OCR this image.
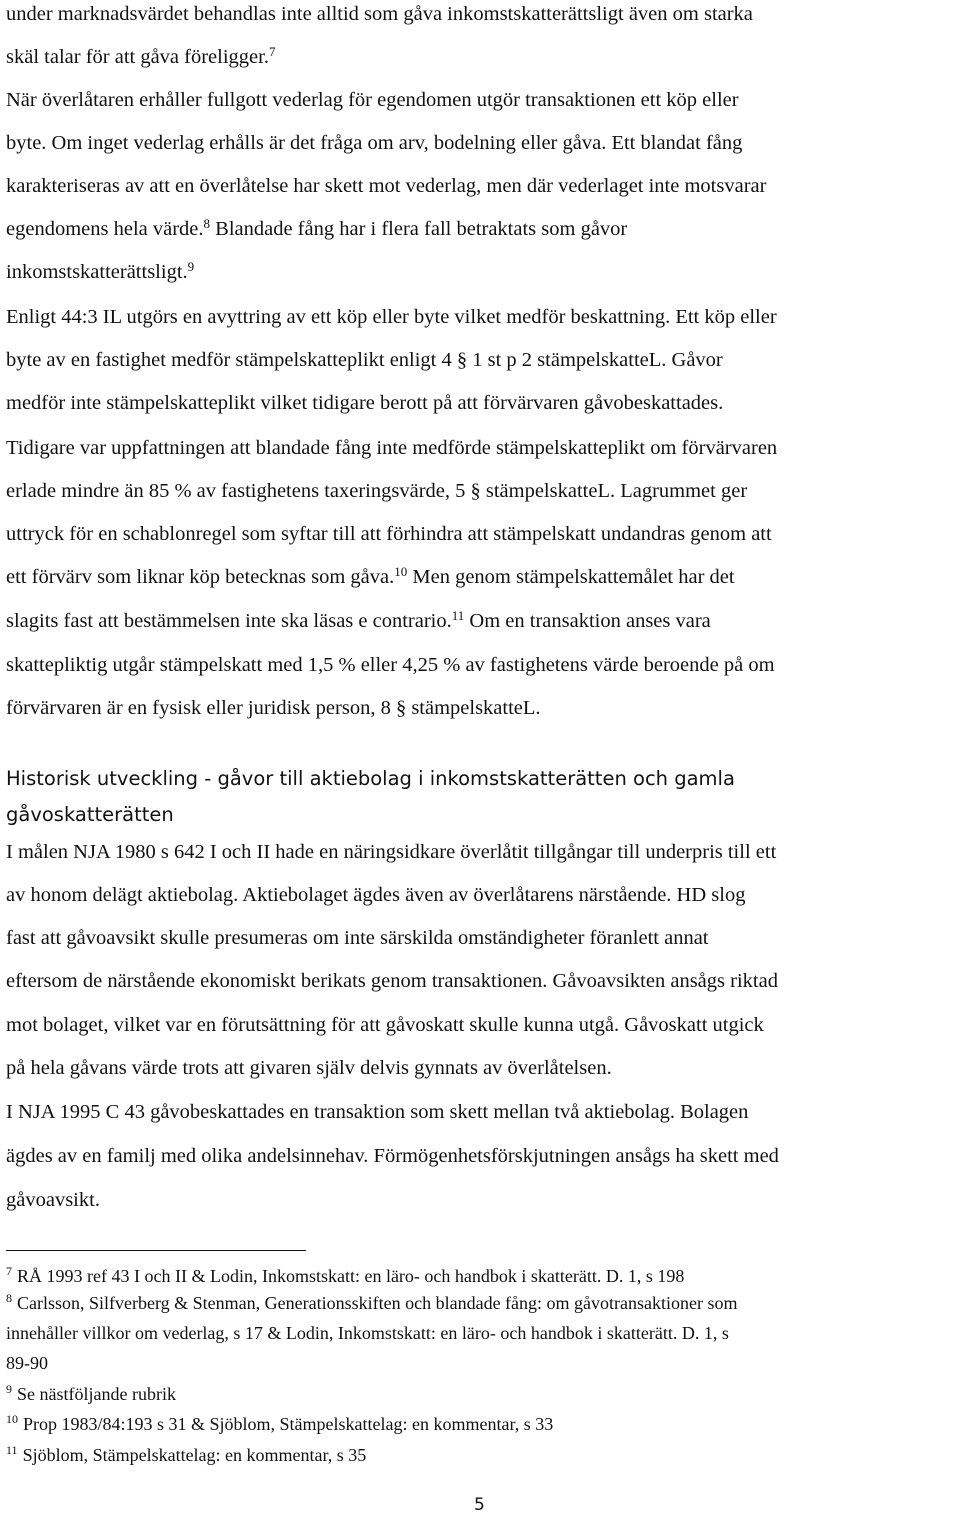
under marknadsvärdet behandlas inte alltid som gåva inkomstskatterättsligt även om starka
skäl talar för att gåva föreligger.$^7$
När överlåtaren erhåller fullgott vederlag för egendomen utgör transaktionen ett köp eller
byte. Om inget vederlag erhålls är det fråga om arv, bodelning eller gåva. Ett blandat fång
karakteriseras av att en överlåtelse har skett mot vederlag, men där vederlaget inte motsvarar
egendomens hela värde.$^8$ Blandade fång har i flera fall betraktats som gåvor
inkomstskatterättsligt.$^9$
Enligt 44:3 IL utgörs en avyttring av ett köp eller byte vilket medför beskattning. Ett köp eller
byte av en fastighet medför stämpelskatteplikt enligt 4 § 1 st p 2 stämpelskatteL. Gåvor
medför inte stämpelskatteplikt vilket tidigare berott på att förvärvaren gåvobeskattades.
Tidigare var uppfattningen att blandade fång inte medförde stämpelskatteplikt om förvärvaren
erlade mindre än 85 % av fastighetens taxeringsvärde, 5 § stämpelskatteL. Lagrummet ger
uttryck för en schablonregel som syftar till att förhindra att stämpelskatt undandras genom att
ett förvärv som liknar köp betecknas som gåva.$^{10}$ Men genom stämpelskattemålet har det
slagits fast att bestämmelsen inte ska läsas e contrario.$^{11}$ Om en transaktion anses vara
skattepliktig utgår stämpelskatt med 1,5 % eller 4,25 % av fastighetens värde beroende på om
förvärvaren är en fysisk eller juridisk person, 8 § stämpelskatteL.
Historisk utveckling - gåvor till aktiebolag i inkomstskatterätten och gamla
gåvoskatterätten
I målen NJA 1980 s 642 I och II hade en näringsidkare överlåtit tillgångar till underpris till ett
av honom delägt aktiebolag. Aktiebolaget ägdes även av överlåtarens närstående. HD slog
fast att gåvoavsikt skulle presumeras om inte särskilda omständigheter föranlett annat
eftersom de närstående ekonomiskt berikats genom transaktionen. Gåvoavsikten ansågs riktad
mot bolaget, vilket var en förutsättning för att gåvoskatt skulle kunna utgå. Gåvoskatt utgick
på hela gåvans värde trots att givaren själv delvis gynnats av överlåtelsen.
I NJA 1995 C 43 gåvobeskattades en transaktion som skett mellan två aktiebolag. Bolagen
ägdes av en familj med olika andelsinnehav. Förmögenhetsförskjutningen ansågs ha skett med
gåvoavsikt.
$^7$ RÅ 1993 ref 43 I och II & Lodin, Inkomstskatt: en läro- och handbok i skatterätt. D. 1, s 198
$^8$ Carlsson, Silfverberg & Stenman, Generationsskiften och blandade fång: om gåvotransaktioner som
innehåller villkor om vederlag, s 17 & Lodin, Inkomstskatt: en läro- och handbok i skatterätt. D. 1, s
89-90
$^9$ Se nästföljande rubrik
$^{10}$ Prop 1983/84:193 s 31 & Sjöblom, Stämpelskattelag: en kommentar, s 33
$^{11}$ Sjöblom, Stämpelskattelag: en kommentar, s 35
5
